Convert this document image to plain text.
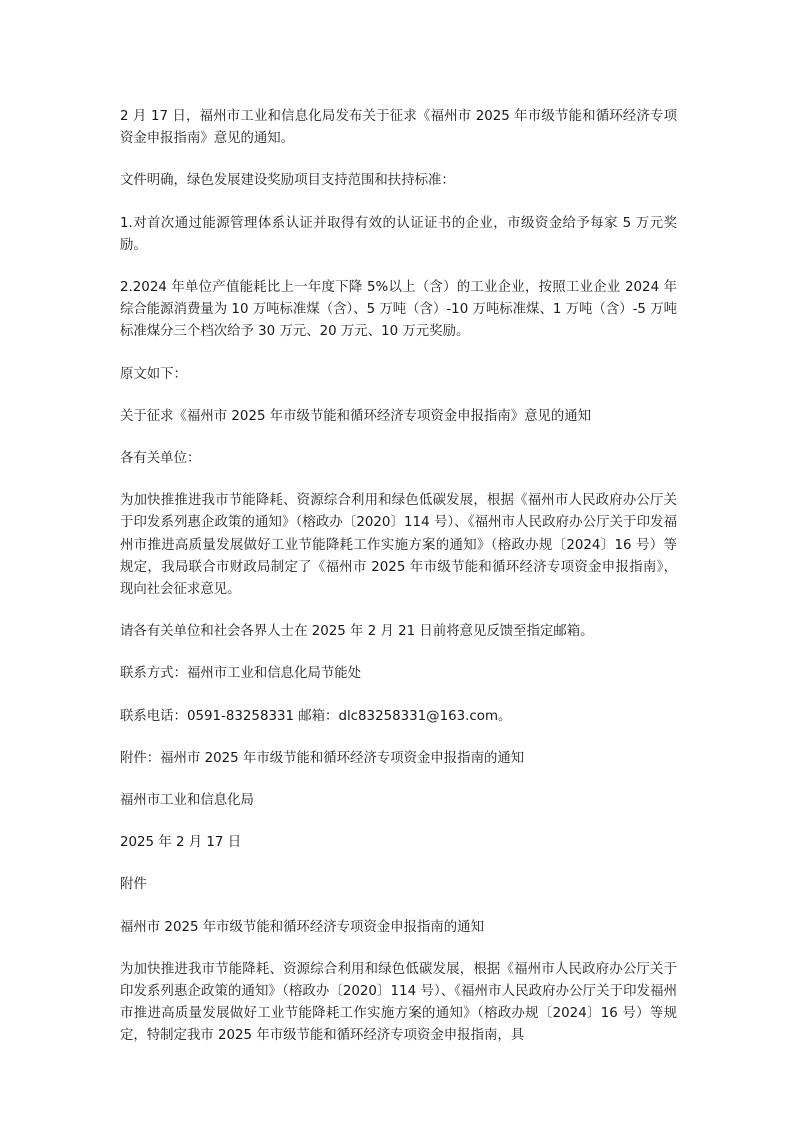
2 月 17 日，福州市工业和信息化局发布关于征求《福州市 2025 年市级节能和循环经济专项资金申报指南》意见的通知。

文件明确，绿色发展建设奖励项目支持范围和扶持标准：

1.对首次通过能源管理体系认证并取得有效的认证证书的企业，市级资金给予每家 5 万元奖励。

2.2024 年单位产值能耗比上一年度下降 5%以上（含）的工业企业，按照工业企业 2024 年综合能源消费量为 10 万吨标准煤（含）、5 万吨（含）-10 万吨标准煤、1 万吨（含）-5 万吨标准煤分三个档次给予 30 万元、20 万元、10 万元奖励。

原文如下：

关于征求《福州市 2025 年市级节能和循环经济专项资金申报指南》意见的通知

各有关单位：

为加快推推进我市节能降耗、资源综合利用和绿色低碳发展，根据《福州市人民政府办公厅关于印发系列惠企政策的通知》（榕政办〔2020〕114 号）、《福州市人民政府办公厅关于印发福州市推进高质量发展做好工业节能降耗工作实施方案的通知》（榕政办规〔2024〕16 号）等规定，我局联合市财政局制定了《福州市 2025 年市级节能和循环经济专项资金申报指南》，现向社会征求意见。

请各有关单位和社会各界人士在 2025 年 2 月 21 日前将意见反馈至指定邮箱。

联系方式：福州市工业和信息化局节能处

联系电话：0591-83258331 邮箱：dlc83258331@163.com。

附件：福州市 2025 年市级节能和循环经济专项资金申报指南的通知

福州市工业和信息化局

2025 年 2 月 17 日

附件

福州市 2025 年市级节能和循环经济专项资金申报指南的通知

为加快推进我市节能降耗、资源综合利用和绿色低碳发展，根据《福州市人民政府办公厅关于印发系列惠企政策的通知》（榕政办〔2020〕114 号）、《福州市人民政府办公厅关于印发福州市推进高质量发展做好工业节能降耗工作实施方案的通知》（榕政办规〔2024〕16 号）等规定，特制定我市 2025 年市级节能和循环经济专项资金申报指南，具
